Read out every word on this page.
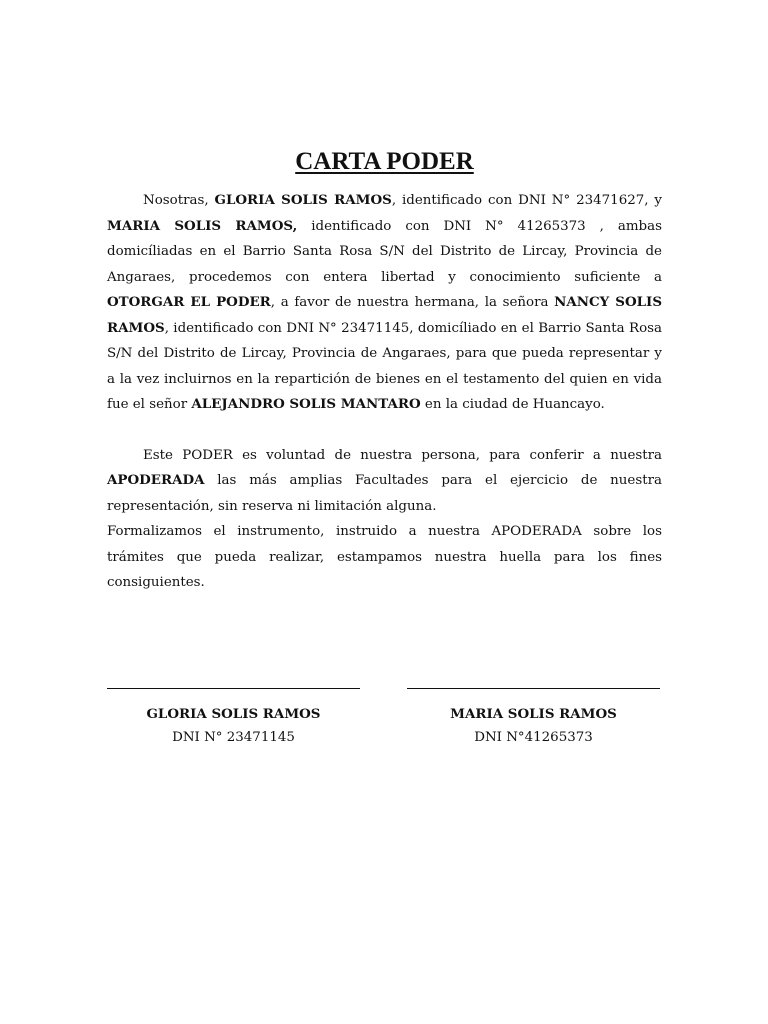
CARTA PODER

Nosotras, GLORIA SOLIS RAMOS, identificado con DNI N° 23471627, y MARIA SOLIS RAMOS, identificado con DNI N° 41265373 , ambas domicíliadas en el Barrio Santa Rosa S/N del Distrito de Lircay, Provincia de Angaraes, procedemos con entera libertad y conocimiento suficiente a OTORGAR EL PODER, a favor de nuestra hermana, la señora NANCY SOLIS RAMOS, identificado con DNI N° 23471145, domicíliado en el Barrio Santa Rosa S/N del Distrito de Lircay, Provincia de Angaraes, para que pueda representar y a la vez incluirnos en la repartición de bienes en el testamento del quien en vida fue el señor ALEJANDRO SOLIS MANTARO en la ciudad de Huancayo.

Este PODER es voluntad de nuestra persona, para conferir a nuestra APODERADA las más amplias Facultades para el ejercicio de nuestra representación, sin reserva ni limitación alguna.

Formalizamos el instrumento, instruido a nuestra APODERADA sobre los trámites que pueda realizar, estampamos nuestra huella para los fines consiguientes.

GLORIA SOLIS RAMOS
DNI N° 23471145
MARIA SOLIS RAMOS
DNI N°41265373
